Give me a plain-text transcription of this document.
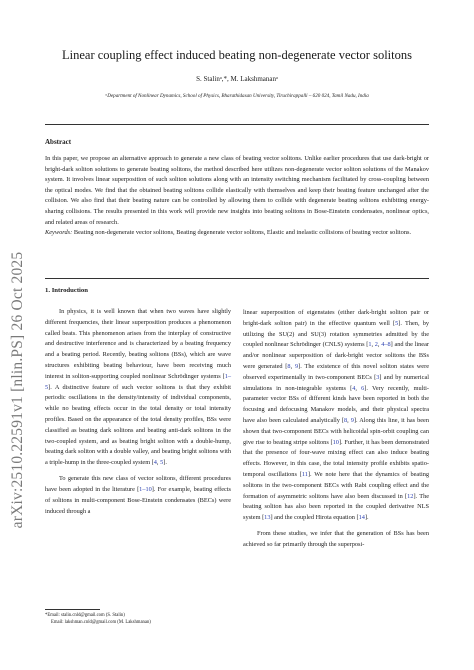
arXiv:2510.22591v1 [nlin.PS] 26 Oct 2025
Linear coupling effect induced beating non-degenerate vector solitons
S. Stalinᵃ,*, M. Lakshmananᵃ
ᵃDepartment of Nonlinear Dynamics, School of Physics, Bharathidasan University, Tiruchirappalli – 620 024, Tamil Nadu, India
Abstract
In this paper, we propose an alternative approach to generate a new class of beating vector solitons. Unlike earlier procedures that use dark-bright or bright-dark soliton solutions to generate beating solitons, the method described here utilizes non-degenerate vector soliton solutions of the Manakov system. It involves linear superposition of such soliton solutions along with an intensity switching mechanism facilitated by cross-coupling between the optical modes. We find that the obtained beating solitons collide elastically with themselves and keep their beating feature unchanged after the collision. We also find that their beating nature can be controlled by allowing them to collide with degenerate beating solitons exhibiting energy-sharing collisions. The results presented in this work will provide new insights into beating solitons in Bose-Einstein condensates, nonlinear optics, and related areas of research.
Keywords: Beating non-degenerate vector solitons, Beating degenerate vector solitons, Elastic and inelastic collisions of beating vector solitons.
1. Introduction

In physics, it is well known that when two waves have slightly different frequencies, their linear superposition produces a phenomenon called beats. This phenomenon arises from the interplay of constructive and destructive interference and is characterized by a beating frequency and a beating period. Recently, beating solitons (BSs), which are wave structures exhibiting beating behaviour, have been receiving much interest in soliton-supporting coupled nonlinear Schrödinger systems [1–5]. A distinctive feature of such vector solitons is that they exhibit periodic oscillations in the density/intensity of individual components, while no beating effects occur in the total density or total intensity profiles. Based on the appearance of the total density profiles, BSs were classified as beating dark solitons and beating anti-dark solitons in the two-coupled system, and as beating bright soliton with a double-hump, beating dark soliton with a double valley, and beating bright solitons with a triple-hump in the three-coupled system [4, 5].

To generate this new class of vector solitons, different procedures have been adopted in the literature [1–10]. For example, beating effects of solitons in multi-component Bose-Einstein condensates (BECs) were induced through a

linear superposition of eigenstates (either dark-bright soliton pair or bright-dark soliton pair) in the effective quantum well [5]. Then, by utilizing the SU(2) and SU(3) rotation symmetries admitted by the coupled nonlinear Schrödinger (CNLS) systems [1, 2, 4–8] and the linear and/or nonlinear superposition of dark-bright vector solitons the BSs were generated [8, 9]. The existence of this novel soliton states were observed experimentally in two-component BECs [3] and by numerical simulations in non-integrable systems [4, 6]. Very recently, multi-parameter vector BSs of different kinds have been reported in both the focusing and defocusing Manakov models, and their physical spectra have also been calculated analytically [8, 9]. Along this line, it has been shown that two-component BECs with helicoidal spin-orbit coupling can give rise to beating stripe solitons [10]. Further, it has been demonstrated that the presence of four-wave mixing effect can also induce beating effects. However, in this case, the total intensity profile exhibits spatio-temporal oscillations [11]. We note here that the dynamics of beating solitons in the two-component BECs with Rabi coupling effect and the formation of asymmetric solitons have also been discussed in [12]. The beating soliton has also been reported in the coupled derivative NLS system [13] and the coupled Hirota equation [14].

From these studies, we infer that the generation of BSs has been achieved so far primarily through the superposi-

*Email: stalin.cnld@gmail.com (S. Stalin)
Email: lakshman.cnld@gmail.com (M. Lakshmanan)
